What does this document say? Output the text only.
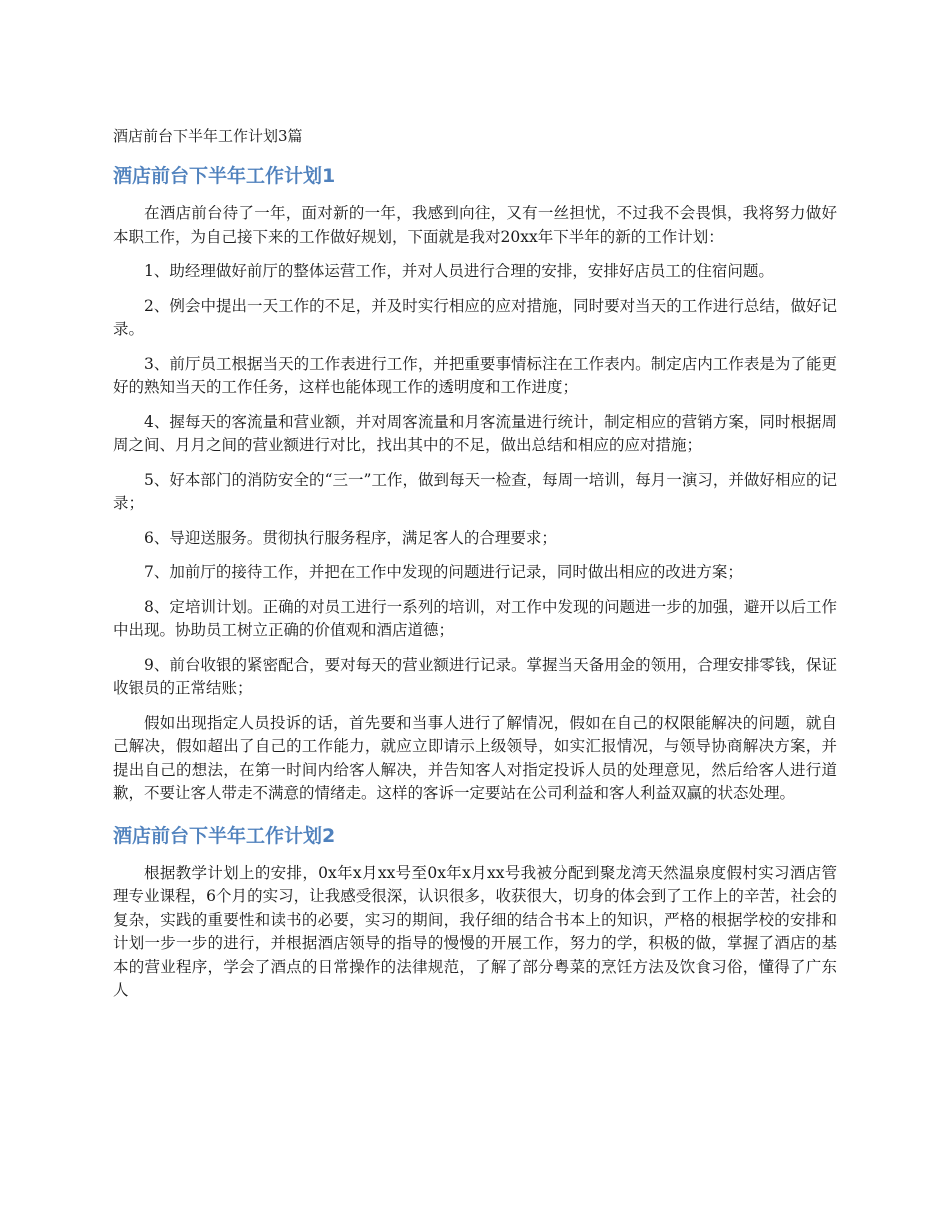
酒店前台下半年工作计划3篇
酒店前台下半年工作计划1

在酒店前台待了一年，面对新的一年，我感到向往，又有一丝担忧，不过我不会畏惧，我将努力做好本职工作，为自己接下来的工作做好规划，下面就是我对20xx年下半年的新的工作计划：

1、助经理做好前厅的整体运营工作，并对人员进行合理的安排，安排好店员工的住宿问题。

2、例会中提出一天工作的不足，并及时实行相应的应对措施，同时要对当天的工作进行总结，做好记录。

3、前厅员工根据当天的工作表进行工作，并把重要事情标注在工作表内。制定店内工作表是为了能更好的熟知当天的工作任务，这样也能体现工作的透明度和工作进度；

4、握每天的客流量和营业额，并对周客流量和月客流量进行统计，制定相应的营销方案，同时根据周周之间、月月之间的营业额进行对比，找出其中的不足，做出总结和相应的应对措施；

5、好本部门的消防安全的“三一”工作，做到每天一检查，每周一培训，每月一演习，并做好相应的记录；

6、导迎送服务。贯彻执行服务程序，满足客人的合理要求；

7、加前厅的接待工作，并把在工作中发现的问题进行记录，同时做出相应的改进方案；

8、定培训计划。正确的对员工进行一系列的培训，对工作中发现的问题进一步的加强，避开以后工作中出现。协助员工树立正确的价值观和酒店道德；

9、前台收银的紧密配合，要对每天的营业额进行记录。掌握当天备用金的领用，合理安排零钱，保证收银员的正常结账；

假如出现指定人员投诉的话，首先要和当事人进行了解情况，假如在自己的权限能解决的问题，就自己解决，假如超出了自己的工作能力，就应立即请示上级领导，如实汇报情况，与领导协商解决方案，并提出自己的想法，在第一时间内给客人解决，并告知客人对指定投诉人员的处理意见，然后给客人进行道歉，不要让客人带走不满意的情绪走。这样的客诉一定要站在公司利益和客人利益双赢的状态处理。

酒店前台下半年工作计划2

根据教学计划上的安排，0x年x月xx号至0x年x月xx号我被分配到聚龙湾天然温泉度假村实习酒店管理专业课程，6个月的实习，让我感受很深，认识很多，收获很大，切身的体会到了工作上的辛苦，社会的复杂，实践的重要性和读书的必要，实习的期间，我仔细的结合书本上的知识，严格的根据学校的安排和计划一步一步的进行，并根据酒店领导的指导的慢慢的开展工作，努力的学，积极的做，掌握了酒店的基本的营业程序，学会了酒点的日常操作的法律规范，了解了部分粤菜的烹饪方法及饮食习俗，懂得了广东人
